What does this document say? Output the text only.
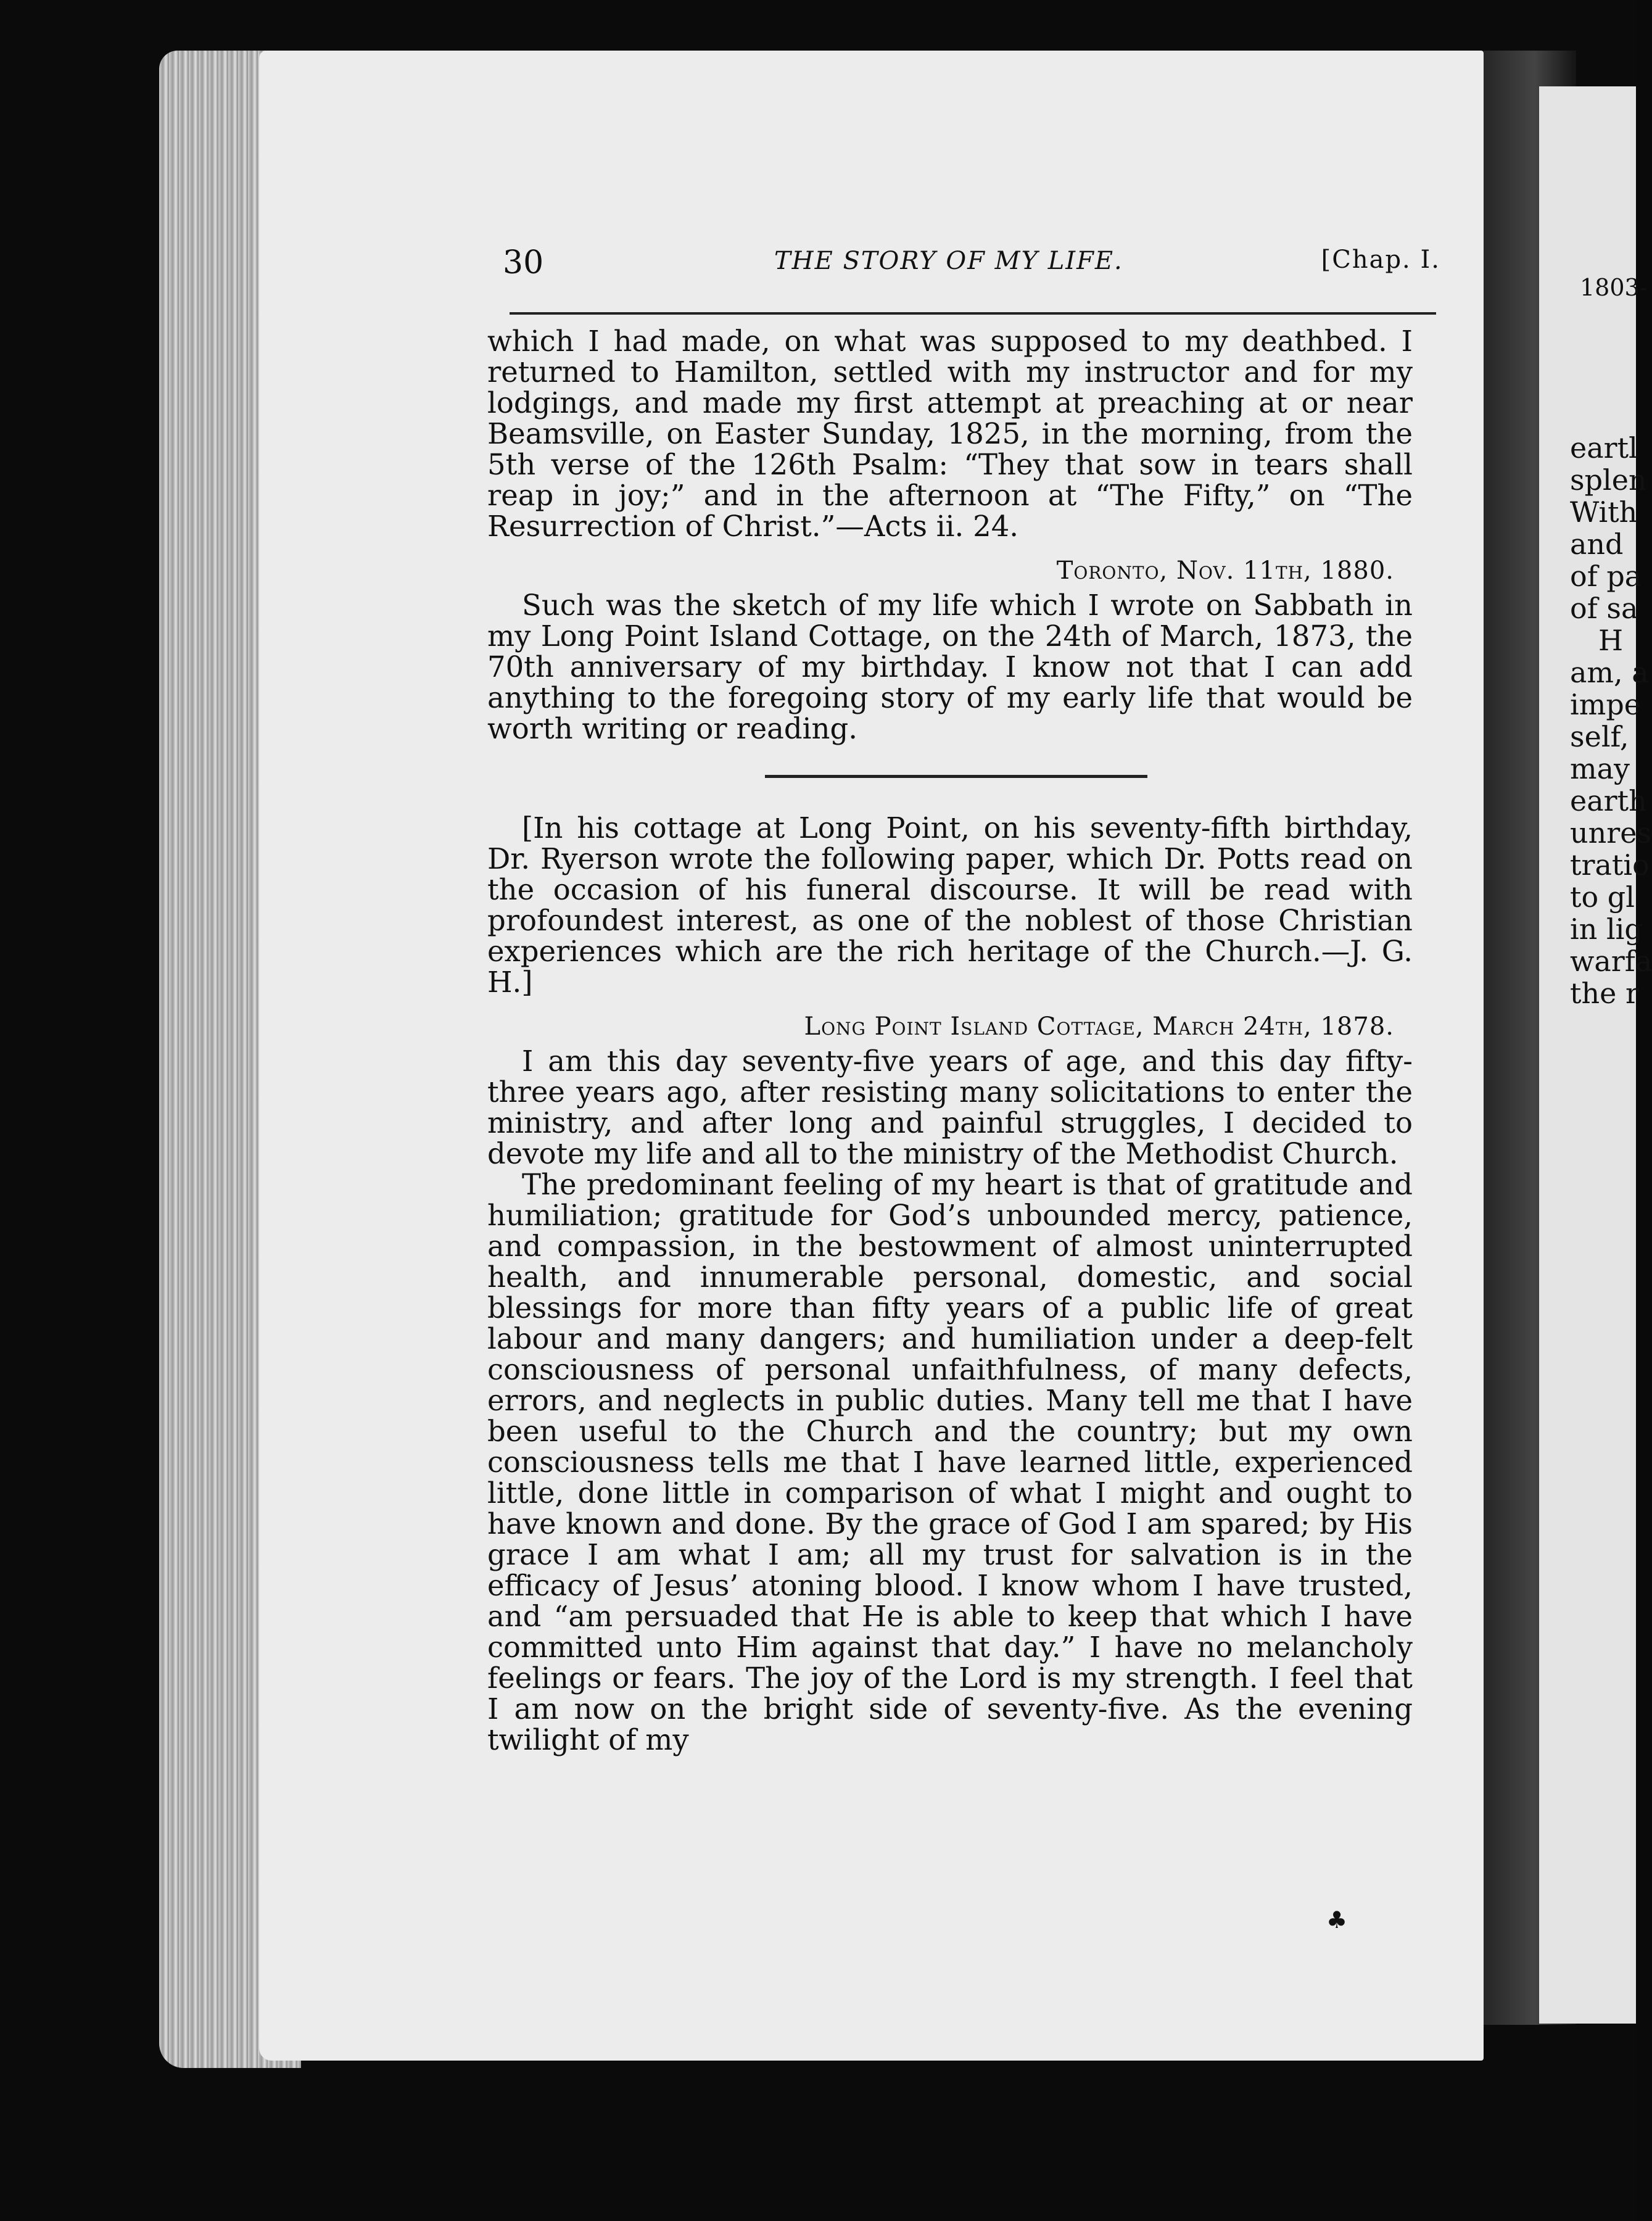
30	THE STORY OF MY LIFE.	[Chap. I.

which I had made, on what was supposed to my deathbed. I returned to Hamilton, settled with my instructor and for my lodgings, and made my first attempt at preaching at or near Beamsville, on Easter Sunday, 1825, in the morning, from the 5th verse of the 126th Psalm: “They that sow in tears shall reap in joy;” and in the afternoon at “The Fifty,” on “The Resurrection of Christ.”—Acts ii. 24.

Toronto, Nov. 11th, 1880.

Such was the sketch of my life which I wrote on Sabbath in my Long Point Island Cottage, on the 24th of March, 1873, the 70th anniversary of my birthday. I know not that I can add anything to the foregoing story of my early life that would be worth writing or reading.

[In his cottage at Long Point, on his seventy-fifth birthday, Dr. Ryerson wrote the following paper, which Dr. Potts read on the occasion of his funeral discourse. It will be read with profoundest interest, as one of the noblest of those Christian experiences which are the rich heritage of the Church.—J. G. H.]

Long Point Island Cottage, March 24th, 1878.

I am this day seventy-five years of age, and this day fifty-three years ago, after resisting many solicitations to enter the ministry, and after long and painful struggles, I decided to devote my life and all to the ministry of the Methodist Church.

The predominant feeling of my heart is that of gratitude and humiliation; gratitude for God’s unbounded mercy, patience, and compassion, in the bestowment of almost uninterrupted health, and innumerable personal, domestic, and social blessings for more than fifty years of a public life of great labour and many dangers; and humiliation under a deep-felt consciousness of personal unfaithfulness, of many defects, errors, and neglects in public duties. Many tell me that I have been useful to the Church and the country; but my own consciousness tells me that I have learned little, experienced little, done little in comparison of what I might and ought to have known and done. By the grace of God I am spared; by His grace I am what I am; all my trust for salvation is in the efficacy of Jesus’ atoning blood. I know whom I have trusted, and “am persuaded that He is able to keep that which I have committed unto Him against that day.” I have no melancholy feelings or fears. The joy of the Lord is my strength. I feel that I am now on the bright side of seventy-five. As the evening twilight of my

♣
1803-
eartl
splen
With
and
of pa
of sa
H
am, a
impe
self,
may
earth
unres
tratio
to gl
in lig
warfa
the r
